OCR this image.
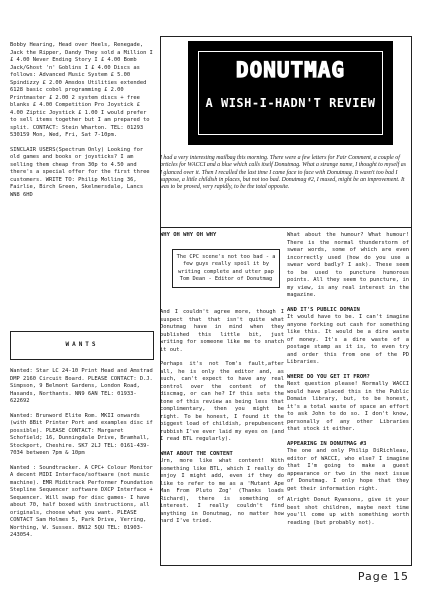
Bobby Hearing, Head over Heels, Renegade, Jack the Ripper, Dandy They sold a Million I £ 4.00 Never Ending Story I £ 4.00 Bomb Jack/Ghost 'n' Goblins I £ 4.00 Discs as follows: Advanced Music System £ 5.00 Spindizzy £ 2.00 Amsdos Utilities extended 6128 basic cobol programming £ 2.00 Printmaster £ 2.00 2 system discs + free blanks £ 4.00 Competition Pro Joystick £ 4.00 Ziptic Joystick £ 1.00 I would prefer to sell items together but I am prepared to split. CONTACT: Stein Wharton. TEL: 01293 530159 Mon, Wed, Fri, Sat 7-10pm.

SINCLAIR USERS(Spectrum Only) Looking for old games and books or joysticks? I am selling them cheap from 30p to 4.50 and there's a special offer for the first three customers. WRITE TO: Philip Molling 36, Fairlie, Birch Green, Skelmersdale, Lancs WN8 6HD

WANTS

Wanted: Star LC 24-10 Print Head and Amstrad DMP 2160 Circuit Board. PLEASE CONTACT: D.J. Simpson, 9 Belmont Gardens, London Road, Hasands, Northants. NN9 6AN TEL: 01933-622692

Wanted: Brunword Elite Rom. MKII onwards (with 8Bit Printer Port and examples disc if possible). PLEASE CONTACT: Margaret Schofield; 16, Dunningdale Drive, Bramhall, Stockport, Cheshire. SK7 2LJ TEL: 0161-439-7034 between 7pm & 10pm

Wanted : Soundtracker. A CPC+ Colour Monitor A decent MIDI Interface/software (not music machine). EMR Miditrack Performer Foundation Stepline Sequencer software DXCP Interface + Sequencer. Will swap for disc games- I have about 70, half boxed with instructions, all originals, choose what you want. PLEASE CONTACT Sam Holmes 5, Park Drive, Verring, Worthing, W. Sussex. BN12 5QU TEL: 01903-243054.

DONUTMAG
A WISH-I-HADN'T REVIEW
I had a very interesting mailbag this morning. There were a few letters for Fair Comment, a couple of articles for WACCI and a blue which calls itself Donutmag. What a strange name, I thought to myself as I glanced over it. Then I recalled the last time I came face to face with Donutmag. It wasn't too bad I suppose, a little childish in places, but not too bad. Donutmag #2, I mused, might be an improvement. It was to be proved, very rapidly, to be the total opposite.
WHY OH WHY OH WHY
The CPC scene's not too bad - a few guys really spoil it by writing complete and utter pap Tom Dean - Editor of Donutmag

And I couldn't agree more, though I suspect that that isn't quite what Donutmag have in mind when they published this little bit, just writing for someone like me to snatch it out.

Perhaps it's not Tom's fault,after all, he is only the editor and, as such, can't expect to have any real control over the content of the discmag, or can he? If this sets the tone of this review as being less that complimentary, then you might be right. To be honest, I found it the biggest load of childish, prepubescent rubbish I've ever laid my eyes on (and I read BTL regularly).

WHAT ABOUT THE CONTENT

Urn, more like what content! With something like BTL, which I really do enjoy I might add, even if they do like to refer to me as a 'Mutant Ape Man From Pluto Zog' (Thanks loads Richard), there is something of interest. I really couldn't find anything in Donutmag, no matter how hard I've tried.

What about the humour? What humour! There is the normal thunderstorm of swear words, some of which are even incorrectly used (how do you use a swear word badly? I ask). These seem to be used to puncture humorous points. All they seem to puncture, in my view, is any real interest in the magazine.

AND IT'S PUBLIC DOMAIN

It would have to be. I can't imagine anyone forking out cash for something like this. It would be a dire waste of money. It's a dire waste of a postage stamp as it is, to even try and order this from one of the PD Libraries.

WHERE DO YOU GET IT FROM?

Next question please! Normally WACCI would have placed this in the Public Domain library, but, to be honest, it's a total waste of space an effort to ask John to do so. I don't know, personally of any other Libraries that stock it either.

APPEARING IN DONUTMAG #3

The one and only Philip DiRichleau, editor of WACCI, who else? I imagine that I'm going to make a guest appearance or two in the next issue of Donutmag. I only hope that they get their information right.

Alright Donut Ryansons, give it your best shot children, maybe next time you'll come up with something worth reading (but probably not).

Page 15
